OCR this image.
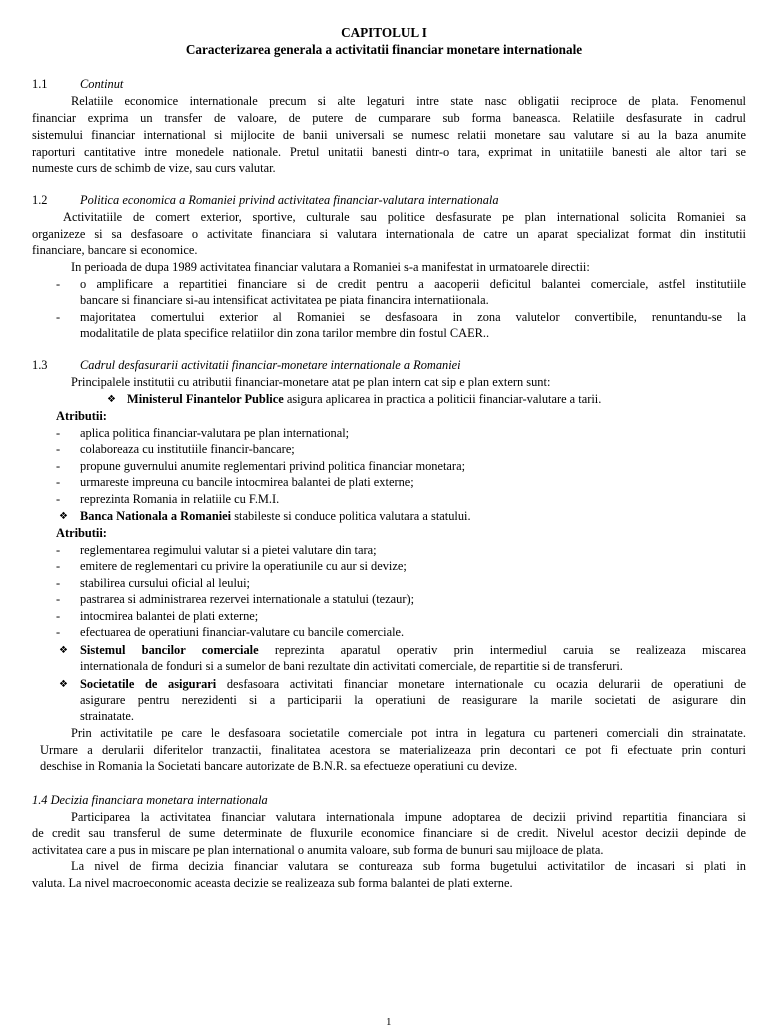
CAPITOLUL I
Caracterizarea generala a activitatii financiar monetare internationale
1.1	Continut
Relatiile economice internationale precum si alte legaturi intre state nasc obligatii reciproce de plata. Fenomenul
financiar exprima un transfer de valoare, de putere de cumparare sub forma baneasca. Relatiile desfasurate in cadrul
sistemului financiar international si mijlocite de banii universali se numesc relatii monetare sau valutare si au la baza anumite
raporturi cantitative intre monedele nationale. Pretul unitatii banesti dintr-o tara, exprimat in unitatiile banesti ale altor tari se
numeste curs de schimb de vize, sau curs valutar.
1.2	Politica economica a Romaniei privind activitatea financiar-valutara internationala
Activitatiile de comert exterior, sportive, culturale sau politice desfasurate pe plan international solicita Romaniei sa
organizeze si sa desfasoare o activitate financiara si valutara internationala de catre un aparat specializat format din institutii
financiare, bancare si economice.
In perioada de dupa 1989 activitatea financiar valutara a Romaniei s-a manifestat in urmatoarele directii:
- o amplificare a repartitiei financiare si de credit pentru a aacoperii deficitul balantei comerciale, astfel institutiile
bancare si financiare si-au intensificat activitatea pe piata financira internatiionala.
- majoritatea comertului exterior al Romaniei se desfasoara in zona valutelor convertibile, renuntandu-se la
modalitatile de plata specifice relatiilor din zona tarilor membre din fostul CAER..
1.3	Cadrul desfasurarii activitatii financiar-monetare internationale a Romaniei
Principalele institutii cu atributii financiar-monetare atat pe plan intern cat sip e plan extern sunt:
❖ Ministerul Finantelor Publice asigura aplicarea in practica a politicii financiar-valutare a tarii.
Atributii:
- aplica politica financiar-valutara pe plan international;
- colaboreaza cu institutiile financir-bancare;
- propune guvernului anumite reglementari privind politica financiar monetara;
- urmareste impreuna cu bancile intocmirea balantei de plati externe;
- reprezinta Romania in relatiile cu F.M.I.
❖ Banca Nationala a Romaniei stabileste si conduce politica valutara a statului.
Atributii:
- reglementarea regimului valutar si a pietei valutare din tara;
- emitere de reglementari cu privire la operatiunile cu aur si devize;
- stabilirea cursului oficial al leului;
- pastrarea si administrarea rezervei internationale a statului (tezaur);
- intocmirea balantei de plati externe;
- efectuarea de operatiuni financiar-valutare cu bancile comerciale.
❖ Sistemul bancilor comerciale reprezinta aparatul operativ prin intermediul caruia se realizeaza miscarea
internationala de fonduri si a sumelor de bani rezultate din activitati comerciale, de repartitie si de transferuri.
❖ Societatile de asigurari desfasoara activitati financiar monetare internationale cu ocazia delurarii de operatiuni de
asigurare pentru nerezidenti si a participarii la operatiuni de reasigurare la marile societati de asigurare din
strainatate.
Prin activitatile pe care le desfasoara societatile comerciale pot intra in legatura cu parteneri comerciali din strainatate.
Urmare a derularii diferitelor tranzactii, finalitatea acestora se materializeaza prin decontari ce pot fi efectuate prin conturi
deschise in Romania la Societati bancare autorizate de B.N.R. sa efectueze operatiuni cu devize.
1.4 Decizia financiara monetara internationala
Participarea la activitatea financiar valutara internationala impune adoptarea de decizii privind repartitia financiara si
de credit sau transferul de sume determinate de fluxurile economice financiare si de credit. Nivelul acestor decizii depinde de
activitatea care a pus in miscare pe plan international o anumita valoare, sub forma de bunuri sau mijloace de plata.
La nivel de firma decizia financiar valutara se contureaza sub forma bugetului activitatilor de incasari si plati in
valuta. La nivel macroeconomic aceasta decizie se realizeaza sub forma balantei de plati externe.
1
